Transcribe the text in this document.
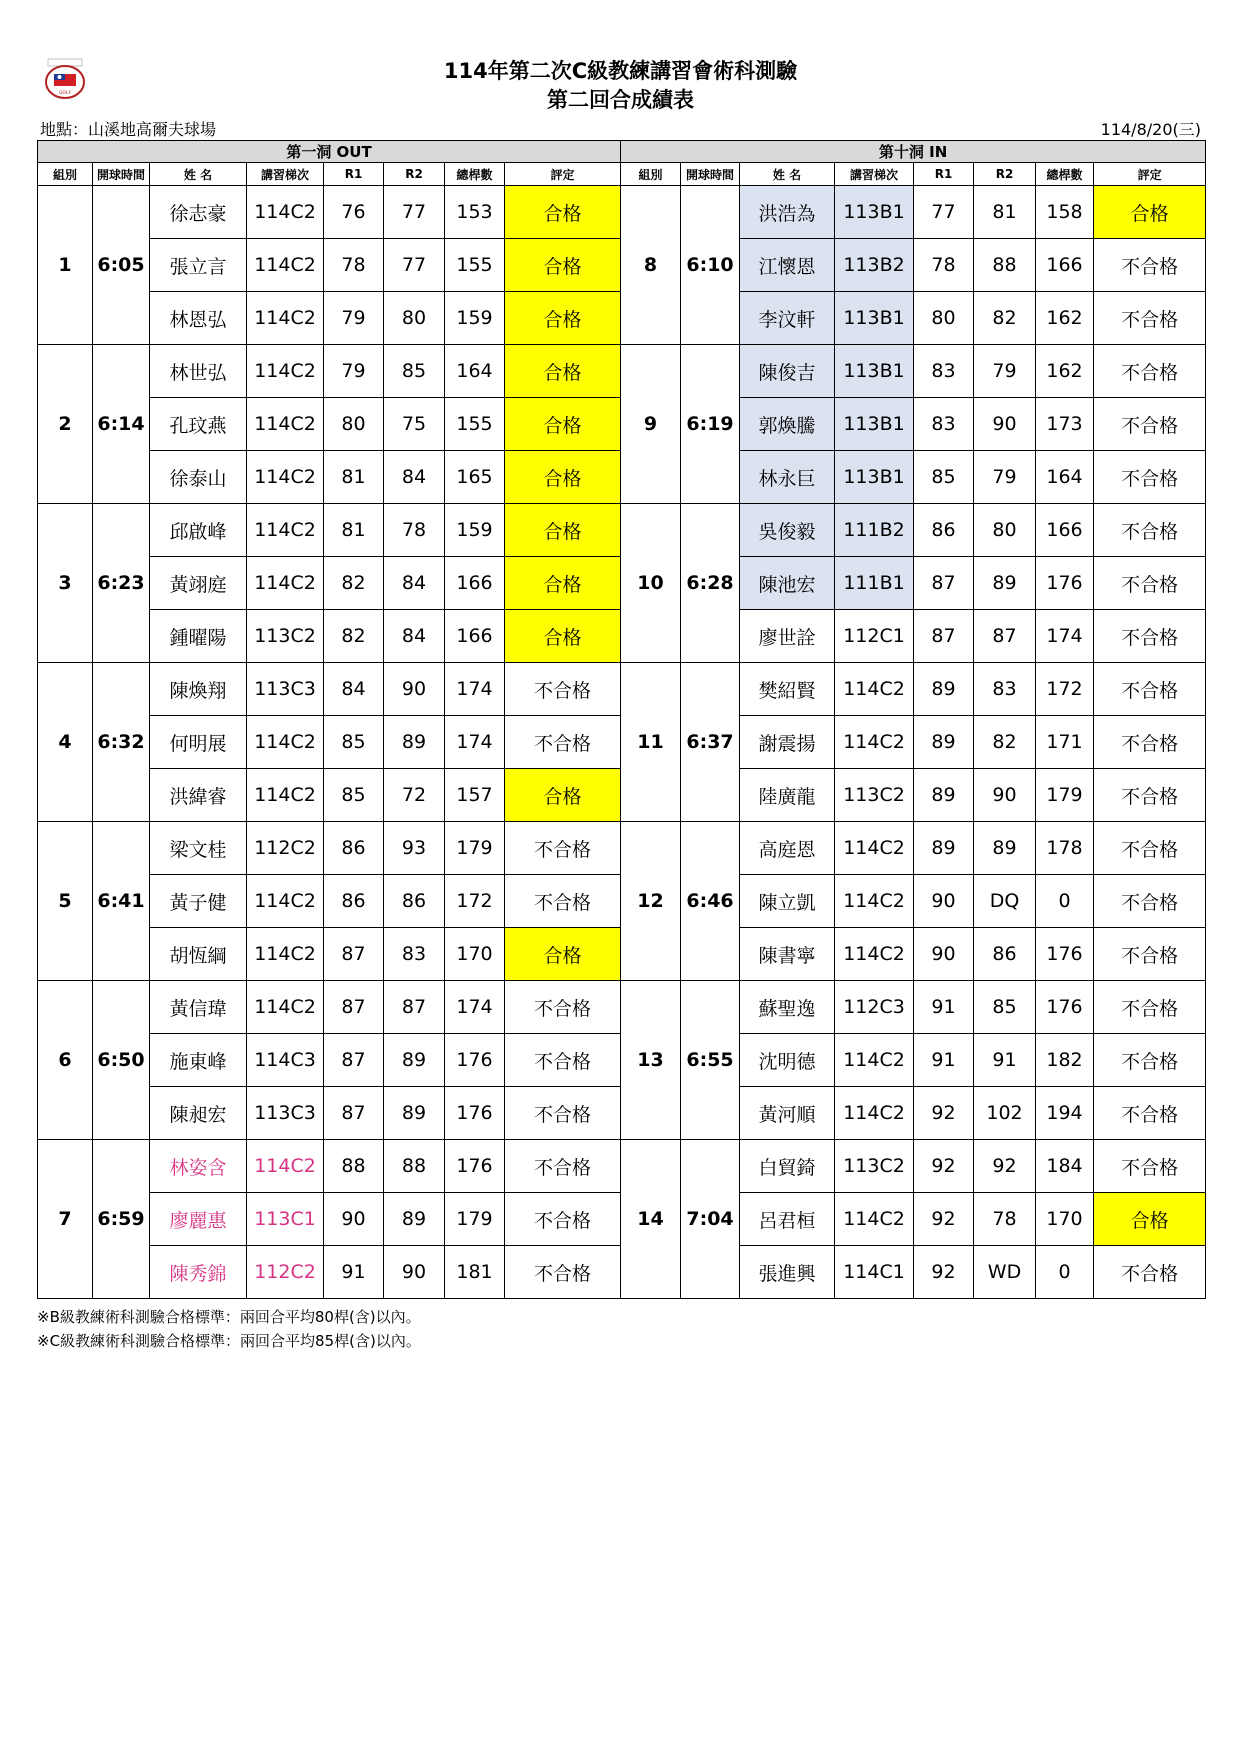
GOLF
114年第二次C級教練講習會術科測驗
第二回合成績表
地點：山溪地高爾夫球場	114/8/20(三)
第一洞 OUT								第十洞 IN							
組別	開球時間	姓 名	講習梯次	R1	R2	總桿數	評定	組別	開球時間	姓 名	講習梯次	R1	R2	總桿數	評定
1	6:05	徐志豪	114C2	76	77	153	合格	8	6:10	洪浩為	113B1	77	81	158	合格
		張立言	114C2	78	77	155	合格			江懷恩	113B2	78	88	166	不合格
		林恩弘	114C2	79	80	159	合格			李汶軒	113B1	80	82	162	不合格
2	6:14	林世弘	114C2	79	85	164	合格	9	6:19	陳俊吉	113B1	83	79	162	不合格
		孔玟燕	114C2	80	75	155	合格			郭煥騰	113B1	83	90	173	不合格
		徐泰山	114C2	81	84	165	合格			林永巨	113B1	85	79	164	不合格
3	6:23	邱啟峰	114C2	81	78	159	合格	10	6:28	吳俊毅	111B2	86	80	166	不合格
		黃翊庭	114C2	82	84	166	合格			陳池宏	111B1	87	89	176	不合格
		鍾曜陽	113C2	82	84	166	合格			廖世詮	112C1	87	87	174	不合格
4	6:32	陳煥翔	113C3	84	90	174	不合格	11	6:37	樊紹賢	114C2	89	83	172	不合格
		何明展	114C2	85	89	174	不合格			謝震揚	114C2	89	82	171	不合格
		洪緯睿	114C2	85	72	157	合格			陸廣龍	113C2	89	90	179	不合格
5	6:41	梁文桂	112C2	86	93	179	不合格	12	6:46	高庭恩	114C2	89	89	178	不合格
		黃子健	114C2	86	86	172	不合格			陳立凱	114C2	90	DQ	0	不合格
		胡恆綱	114C2	87	83	170	合格			陳書寧	114C2	90	86	176	不合格
6	6:50	黃信瑋	114C2	87	87	174	不合格	13	6:55	蘇聖逸	112C3	91	85	176	不合格
		施東峰	114C3	87	89	176	不合格			沈明德	114C2	91	91	182	不合格
		陳昶宏	113C3	87	89	176	不合格			黃河順	114C2	92	102	194	不合格
7	6:59	林姿含	114C2	88	88	176	不合格	14	7:04	白貿錡	113C2	92	92	184	不合格
		廖麗惠	113C1	90	89	179	不合格			呂君桓	114C2	92	78	170	合格
		陳秀錦	112C2	91	90	181	不合格			張進興	114C1	92	WD	0	不合格
※B級教練術科測驗合格標準：兩回合平均80桿(含)以內。
※C級教練術科測驗合格標準：兩回合平均85桿(含)以內。
